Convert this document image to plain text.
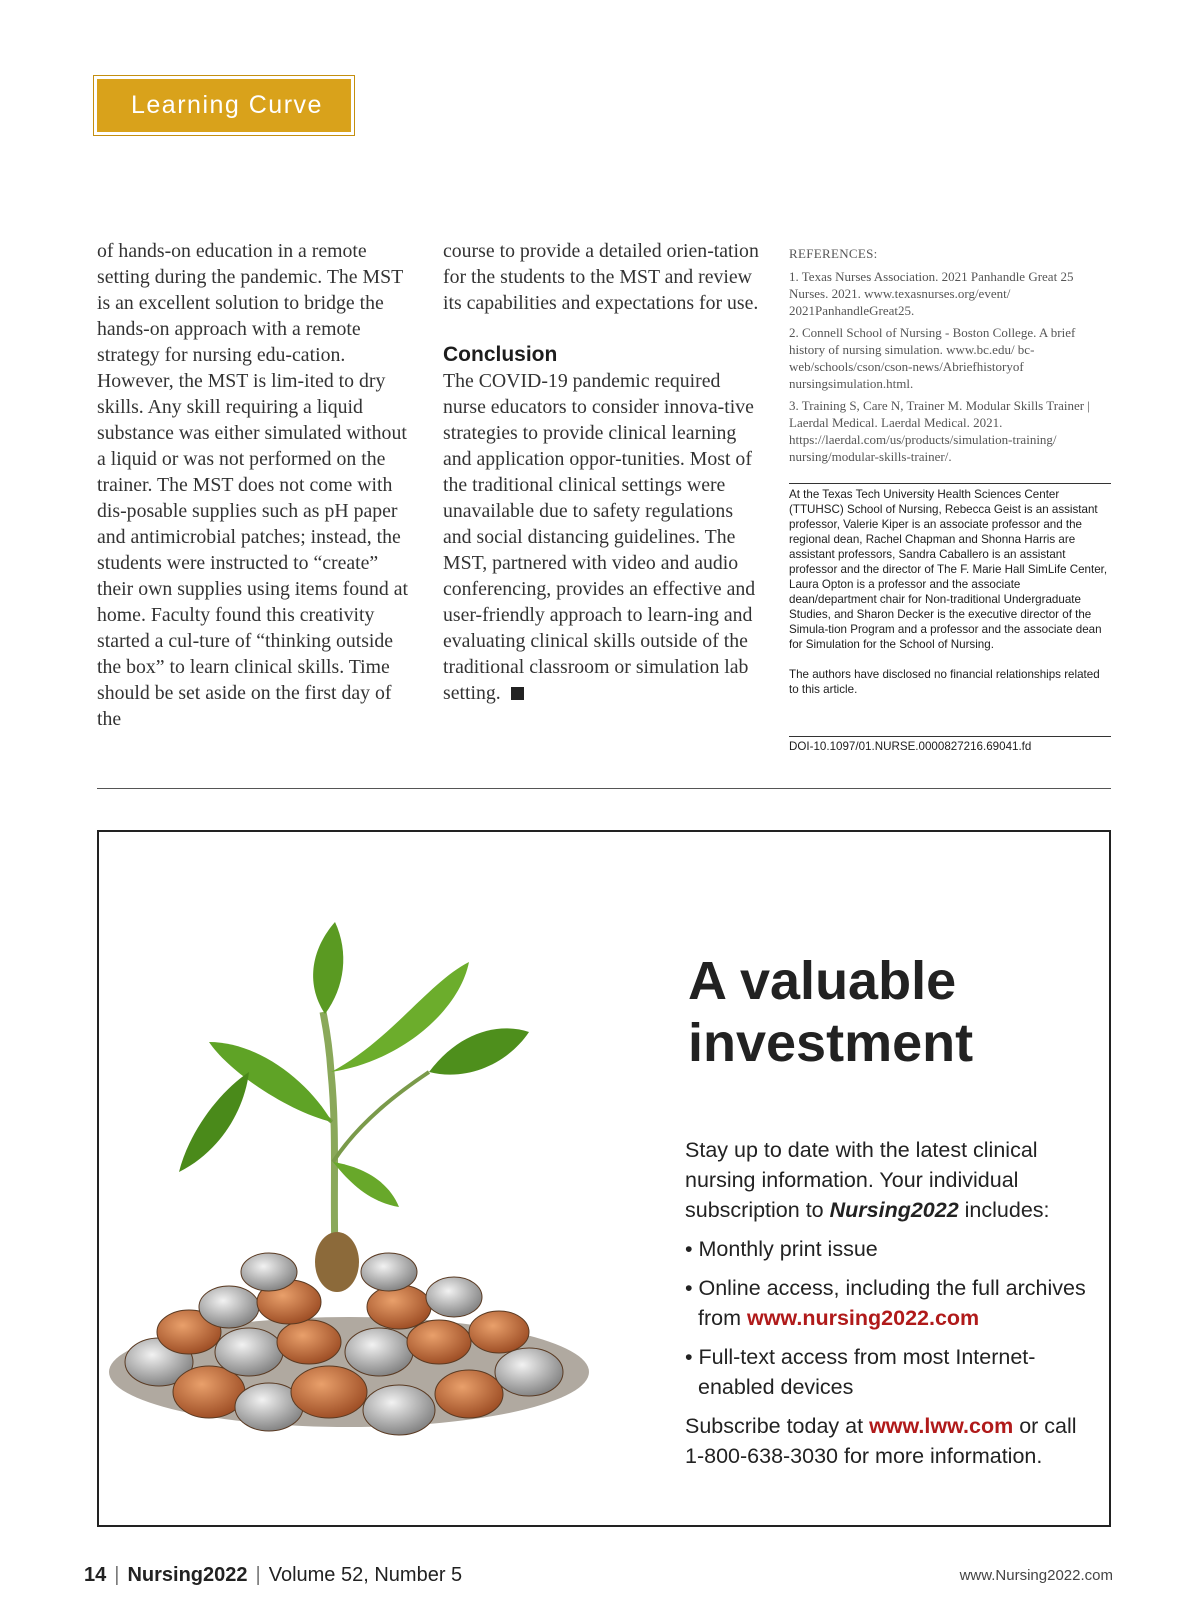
Learning Curve

of hands-on education in a remote setting during the pandemic. The MST is an excellent solution to bridge the hands-on approach with a remote strategy for nursing edu-cation. However, the MST is lim-ited to dry skills. Any skill requiring a liquid substance was either simulated without a liquid or was not performed on the trainer. The MST does not come with dis-posable supplies such as pH paper and antimicrobial patches; instead, the students were instructed to “create” their own supplies using items found at home. Faculty found this creativity started a cul-ture of “thinking outside the box” to learn clinical skills. Time should be set aside on the first day of the

course to provide a detailed orien-tation for the students to the MST and review its capabilities and expectations for use.

Conclusion

The COVID-19 pandemic required nurse educators to consider innova-tive strategies to provide clinical learning and application oppor-tunities. Most of the traditional clinical settings were unavailable due to safety regulations and social distancing guidelines. The MST, partnered with video and audio conferencing, provides an effective and user-friendly approach to learn-ing and evaluating clinical skills outside of the traditional classroom or simulation lab setting.

REFERENCES:
1. Texas Nurses Association. 2021 Panhandle Great 25 Nurses. 2021. www.texasnurses.org/event/ 2021PanhandleGreat25.
2. Connell School of Nursing - Boston College. A brief history of nursing simulation. www.bc.edu/ bc-web/schools/cson/cson-news/Abriefhistoryof nursingsimulation.html.
3. Training S, Care N, Trainer M. Modular Skills Trainer | Laerdal Medical. Laerdal Medical. 2021. https://laerdal.com/us/products/simulation-training/ nursing/modular-skills-trainer/.
At the Texas Tech University Health Sciences Center (TTUHSC) School of Nursing, Rebecca Geist is an assistant professor, Valerie Kiper is an associate professor and the regional dean, Rachel Chapman and Shonna Harris are assistant professors, Sandra Caballero is an assistant professor and the director of The F. Marie Hall SimLife Center, Laura Opton is a professor and the associate dean/department chair for Non-traditional Undergraduate Studies, and Sharon Decker is the executive director of the Simula-tion Program and a professor and the associate dean for Simulation for the School of Nursing.
The authors have disclosed no financial relationships related to this article.
DOI-10.1097/01.NURSE.0000827216.69041.fd
A valuable
investment
Stay up to date with the latest clinical nursing information. Your individual subscription to Nursing2022 includes:
• Monthly print issue
• Online access, including the full archives from www.nursing2022.com
• Full-text access from most Internet-enabled devices
Subscribe today at www.lww.com or call 1-800-638-3030 for more information.
14 | Nursing2022 | Volume 52, Number 5	www.Nursing2022.com
